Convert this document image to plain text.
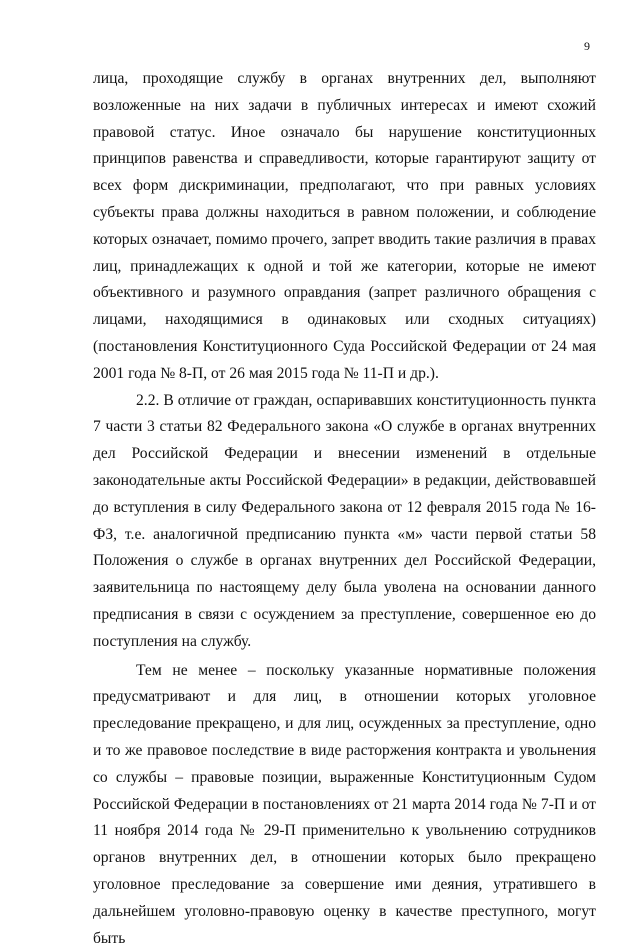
9

лица, проходящие службу в органах внутренних дел, выполняют возложенные на них задачи в публичных интересах и имеют схожий правовой статус. Иное означало бы нарушение конституционных принципов равенства и справедливости, которые гарантируют защиту от всех форм дискриминации, предполагают, что при равных условиях субъекты права должны находиться в равном положении, и соблюдение которых означает, помимо прочего, запрет вводить такие различия в правах лиц, принадлежащих к одной и той же категории, которые не имеют объективного и разумного оправдания (запрет различного обращения с лицами, находящимися в одинаковых или сходных ситуациях) (постановления Конституционного Суда Российской Федерации от 24 мая 2001 года № 8-П, от 26 мая 2015 года № 11-П и др.).

2.2. В отличие от граждан, оспаривавших конституционность пункта 7 части 3 статьи 82 Федерального закона «О службе в органах внутренних дел Российской Федерации и внесении изменений в отдельные законодательные акты Российской Федерации» в редакции, действовавшей до вступления в силу Федерального закона от 12 февраля 2015 года № 16-ФЗ, т.е. аналогичной предписанию пункта «м» части первой статьи 58 Положения о службе в органах внутренних дел Российской Федерации, заявительница по настоящему делу была уволена на основании данного предписания в связи с осуждением за преступление, совершенное ею до поступления на службу.

Тем не менее – поскольку указанные нормативные положения предусматривают и для лиц, в отношении которых уголовное преследование прекращено, и для лиц, осужденных за преступление, одно и то же правовое последствие в виде расторжения контракта и увольнения со службы – правовые позиции, выраженные Конституционным Судом Российской Федерации в постановлениях от 21 марта 2014 года № 7-П и от 11 ноября 2014 года № 29-П применительно к увольнению сотрудников органов внутренних дел, в отношении которых было прекращено уголовное преследование за совершение ими деяния, утратившего в дальнейшем уголовно-правовую оценку в качестве преступного, могут быть
